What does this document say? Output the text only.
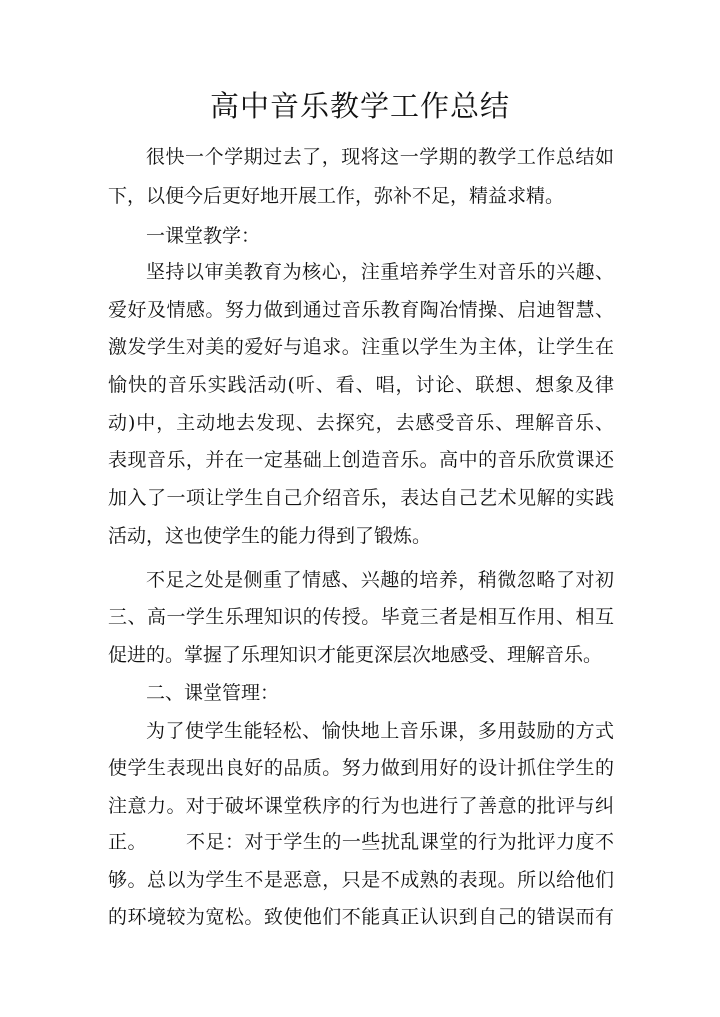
高中音乐教学工作总结
很快一个学期过去了，现将这一学期的教学工作总结如
下，以便今后更好地开展工作，弥补不足，精益求精。
一课堂教学：
坚持以审美教育为核心，注重培养学生对音乐的兴趣、
爱好及情感。努力做到通过音乐教育陶冶情操、启迪智慧、
激发学生对美的爱好与追求。注重以学生为主体，让学生在
愉快的音乐实践活动(听、看、唱，讨论、联想、想象及律
动)中，主动地去发现、去探究，去感受音乐、理解音乐、
表现音乐，并在一定基础上创造音乐。高中的音乐欣赏课还
加入了一项让学生自己介绍音乐，表达自己艺术见解的实践
活动，这也使学生的能力得到了锻炼。
不足之处是侧重了情感、兴趣的培养，稍微忽略了对初
三、高一学生乐理知识的传授。毕竟三者是相互作用、相互
促进的。掌握了乐理知识才能更深层次地感受、理解音乐。
二、课堂管理：
为了使学生能轻松、愉快地上音乐课，多用鼓励的方式
使学生表现出良好的品质。努力做到用好的设计抓住学生的
注意力。对于破坏课堂秩序的行为也进行了善意的批评与纠
正。      不足：对于学生的一些扰乱课堂的行为批评力度不
够。总以为学生不是恶意，只是不成熟的表现。所以给他们
的环境较为宽松。致使他们不能真正认识到自己的错误而有
